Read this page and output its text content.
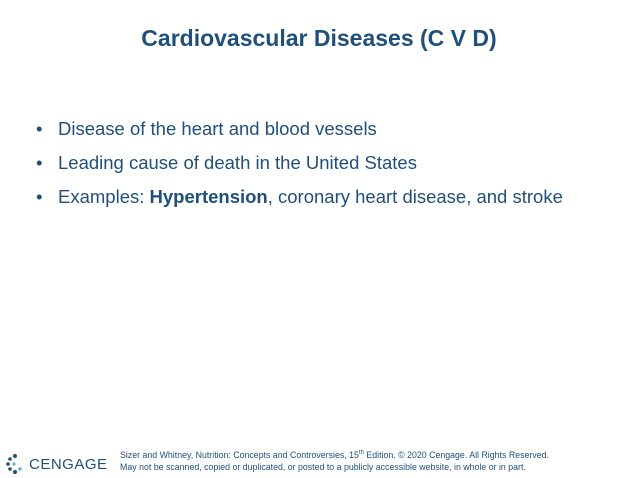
Cardiovascular Diseases (C V D)
• Disease of the heart and blood vessels
• Leading cause of death in the United States
• Examples: Hypertension, coronary heart disease, and stroke
CENGAGE
Sizer and Whitney, Nutrition: Concepts and Controversies, 15th Edition. © 2020 Cengage. All Rights Reserved.
May not be scanned, copied or duplicated, or posted to a publicly accessible website, in whole or in part.
